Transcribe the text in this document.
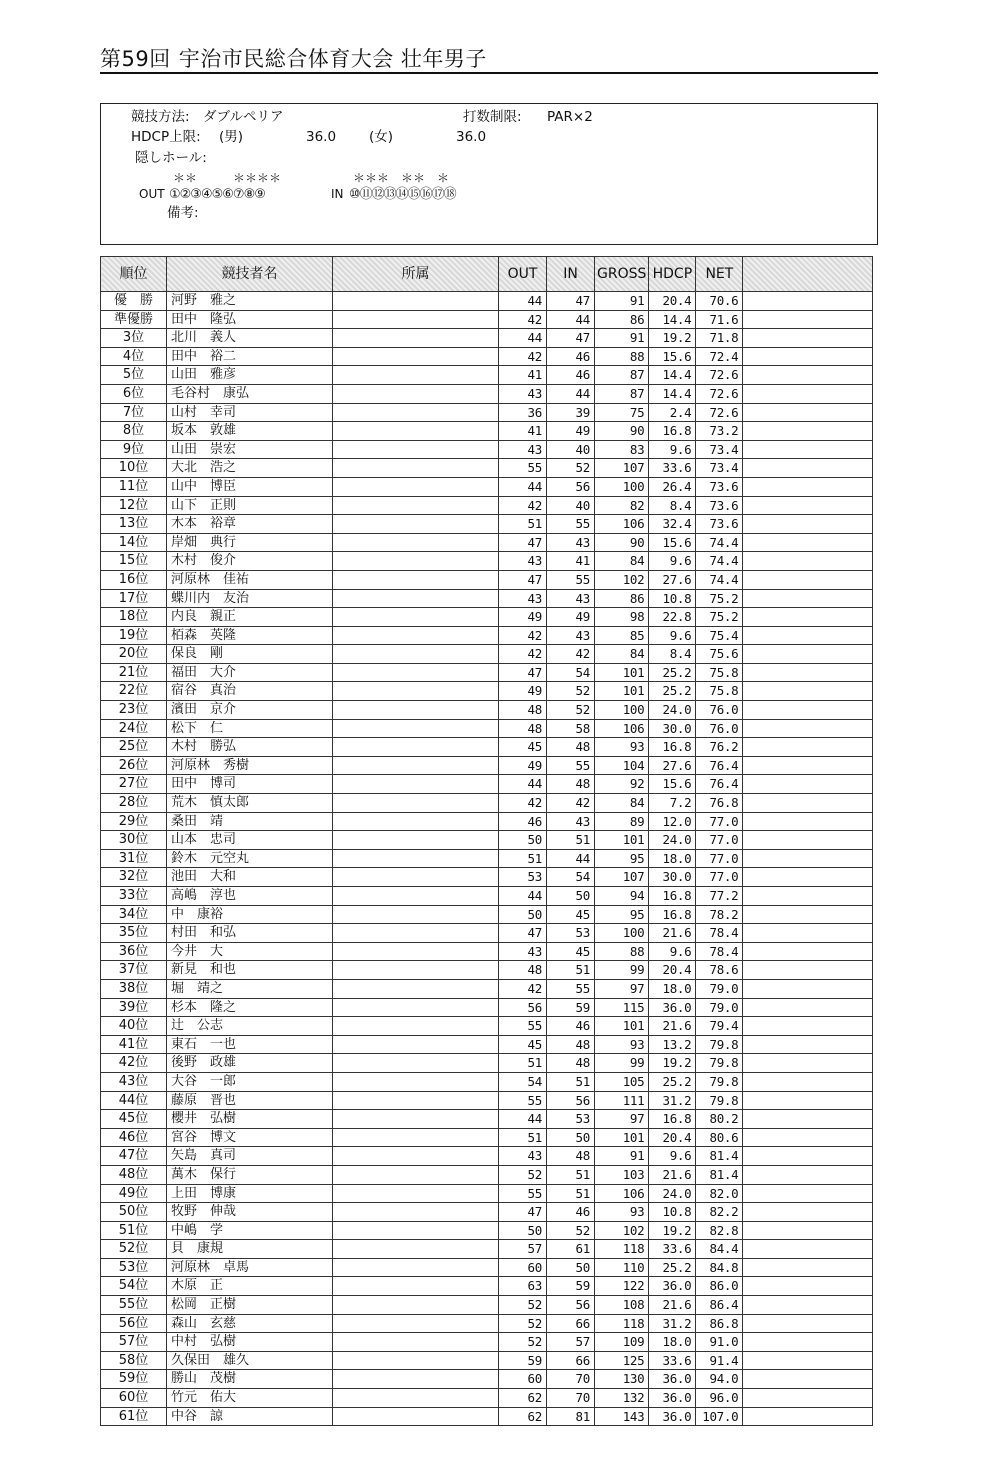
第59回 宇治市民総合体育大会 壮年男子
競技方法: ダブルペリア	打数制限: PAR×2
HDCP上限: (男)	36.0 (女)	36.0
隠しホール:
＊＊　　　＊＊＊＊	＊＊＊　＊＊　＊
OUT ①②③④⑤⑥⑦⑧⑨	IN ⑩⑪⑫⑬⑭⑮⑯⑰⑱
備考:
順位	競技者名	所属	OUT	IN	GROSS	HDCP	NET	
優　勝	河野　雅之		44	47	91	20.4	70.6	
準優勝	田中　隆弘		42	44	86	14.4	71.6	
3位	北川　義人		44	47	91	19.2	71.8	
4位	田中　裕二		42	46	88	15.6	72.4	
5位	山田　雅彦		41	46	87	14.4	72.6	
6位	毛谷村　康弘		43	44	87	14.4	72.6	
7位	山村　幸司		36	39	75	2.4	72.6	
8位	坂本　敦雄		41	49	90	16.8	73.2	
9位	山田　崇宏		43	40	83	9.6	73.4	
10位	大北　浩之		55	52	107	33.6	73.4	
11位	山中　博臣		44	56	100	26.4	73.6	
12位	山下　正則		42	40	82	8.4	73.6	
13位	木本　裕章		51	55	106	32.4	73.6	
14位	岸畑　典行		47	43	90	15.6	74.4	
15位	木村　俊介		43	41	84	9.6	74.4	
16位	河原林　佳祐		47	55	102	27.6	74.4	
17位	蝶川内　友治		43	43	86	10.8	75.2	
18位	内良　親正		49	49	98	22.8	75.2	
19位	栢森　英隆		42	43	85	9.6	75.4	
20位	保良　剛		42	42	84	8.4	75.6	
21位	福田　大介		47	54	101	25.2	75.8	
22位	宿谷　真治		49	52	101	25.2	75.8	
23位	濱田　京介		48	52	100	24.0	76.0	
24位	松下　仁		48	58	106	30.0	76.0	
25位	木村　勝弘		45	48	93	16.8	76.2	
26位	河原林　秀樹		49	55	104	27.6	76.4	
27位	田中　博司		44	48	92	15.6	76.4	
28位	荒木　慎太郎		42	42	84	7.2	76.8	
29位	桑田　靖		46	43	89	12.0	77.0	
30位	山本　忠司		50	51	101	24.0	77.0	
31位	鈴木　元空丸		51	44	95	18.0	77.0	
32位	池田　大和		53	54	107	30.0	77.0	
33位	高嶋　淳也		44	50	94	16.8	77.2	
34位	中　康裕		50	45	95	16.8	78.2	
35位	村田　和弘		47	53	100	21.6	78.4	
36位	今井　大		43	45	88	9.6	78.4	
37位	新見　和也		48	51	99	20.4	78.6	
38位	堀　靖之		42	55	97	18.0	79.0	
39位	杉本　隆之		56	59	115	36.0	79.0	
40位	辻　公志		55	46	101	21.6	79.4	
41位	東石　一也		45	48	93	13.2	79.8	
42位	後野　政雄		51	48	99	19.2	79.8	
43位	大谷　一郎		54	51	105	25.2	79.8	
44位	藤原　晋也		55	56	111	31.2	79.8	
45位	櫻井　弘樹		44	53	97	16.8	80.2	
46位	宮谷　博文		51	50	101	20.4	80.6	
47位	矢島　真司		43	48	91	9.6	81.4	
48位	萬木　保行		52	51	103	21.6	81.4	
49位	上田　博康		55	51	106	24.0	82.0	
50位	牧野　伸哉		47	46	93	10.8	82.2	
51位	中嶋　学		50	52	102	19.2	82.8	
52位	貝　康規		57	61	118	33.6	84.4	
53位	河原林　卓馬		60	50	110	25.2	84.8	
54位	木原　正		63	59	122	36.0	86.0	
55位	松岡　正樹		52	56	108	21.6	86.4	
56位	森山　玄慈		52	66	118	31.2	86.8	
57位	中村　弘樹		52	57	109	18.0	91.0	
58位	久保田　雄久		59	66	125	33.6	91.4	
59位	勝山　茂樹		60	70	130	36.0	94.0	
60位	竹元　佑大		62	70	132	36.0	96.0	
61位	中谷　諒		62	81	143	36.0	107.0	
